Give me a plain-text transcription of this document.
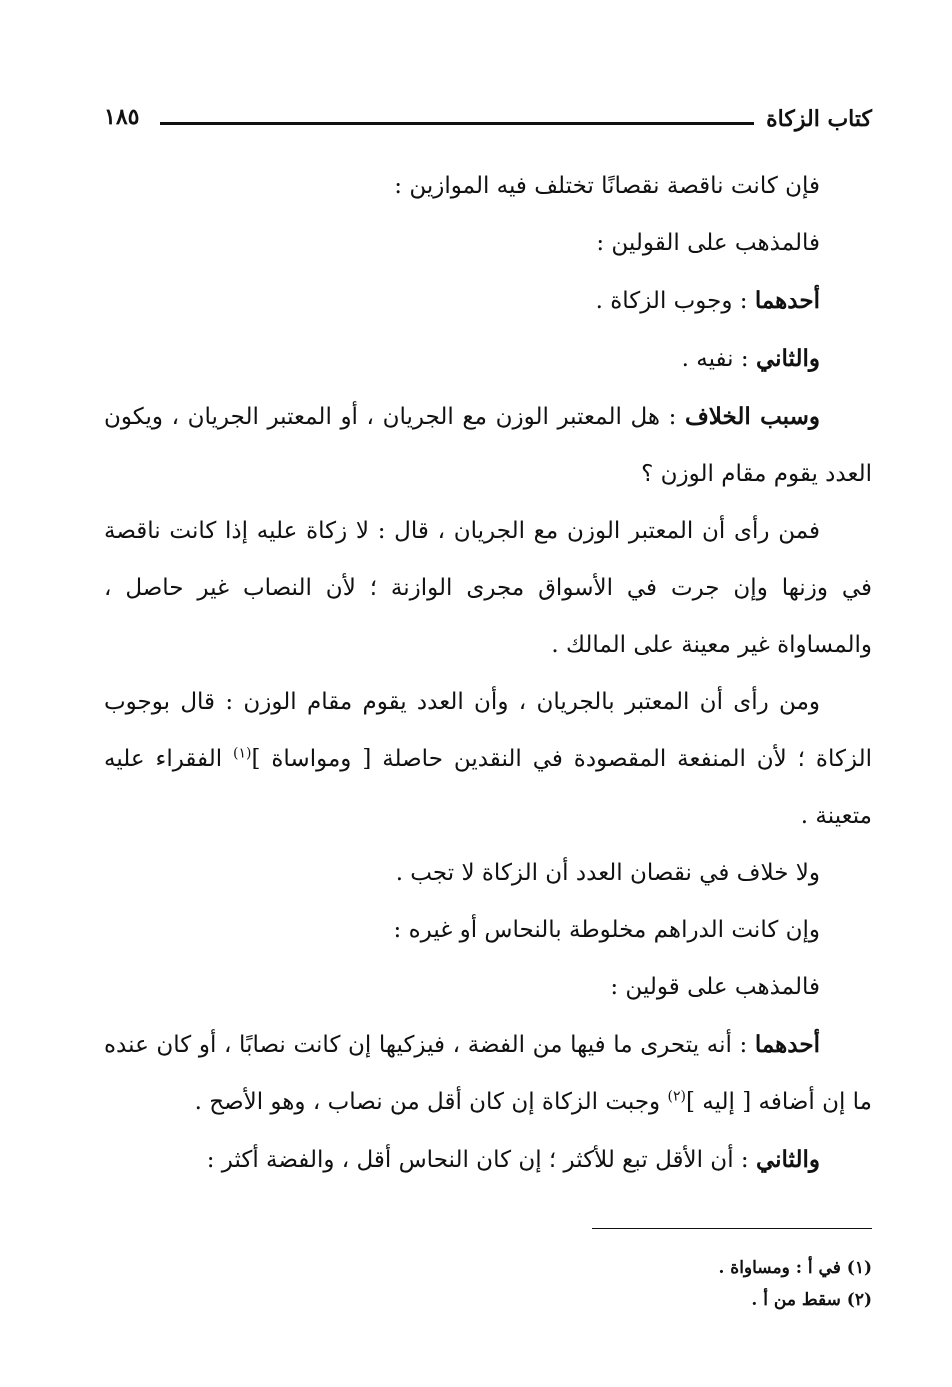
كتاب الزكاة
١٨٥

فإن كانت ناقصة نقصانًا تختلف فيه الموازين :

فالمذهب على القولين :

أحدهما : وجوب الزكاة .

والثاني : نفيه .

وسبب الخلاف : هل المعتبر الوزن مع الجريان ، أو المعتبر الجريان ، ويكون العدد يقوم مقام الوزن ؟

فمن رأى أن المعتبر الوزن مع الجريان ، قال : لا زكاة عليه إذا كانت ناقصة في وزنها وإن جرت في الأسواق مجرى الوازنة ؛ لأن النصاب غير حاصل ، والمساواة غير معينة على المالك .

ومن رأى أن المعتبر بالجريان ، وأن العدد يقوم مقام الوزن : قال بوجوب الزكاة ؛ لأن المنفعة المقصودة في النقدين حاصلة [ ومواساة ]$^{(١)}$ الفقراء عليه متعينة .

ولا خلاف في نقصان العدد أن الزكاة لا تجب .

وإن كانت الدراهم مخلوطة بالنحاس أو غيره :

فالمذهب على قولين :

أحدهما : أنه يتحرى ما فيها من الفضة ، فيزكيها إن كانت نصابًا ، أو كان عنده ما إن أضافه [ إليه ]$^{(٢)}$ وجبت الزكاة إن كان أقل من نصاب ، وهو الأصح .

والثاني : أن الأقل تبع للأكثر ؛ إن كان النحاس أقل ، والفضة أكثر :

(١) في أ : ومساواة .
(٢) سقط من أ .
